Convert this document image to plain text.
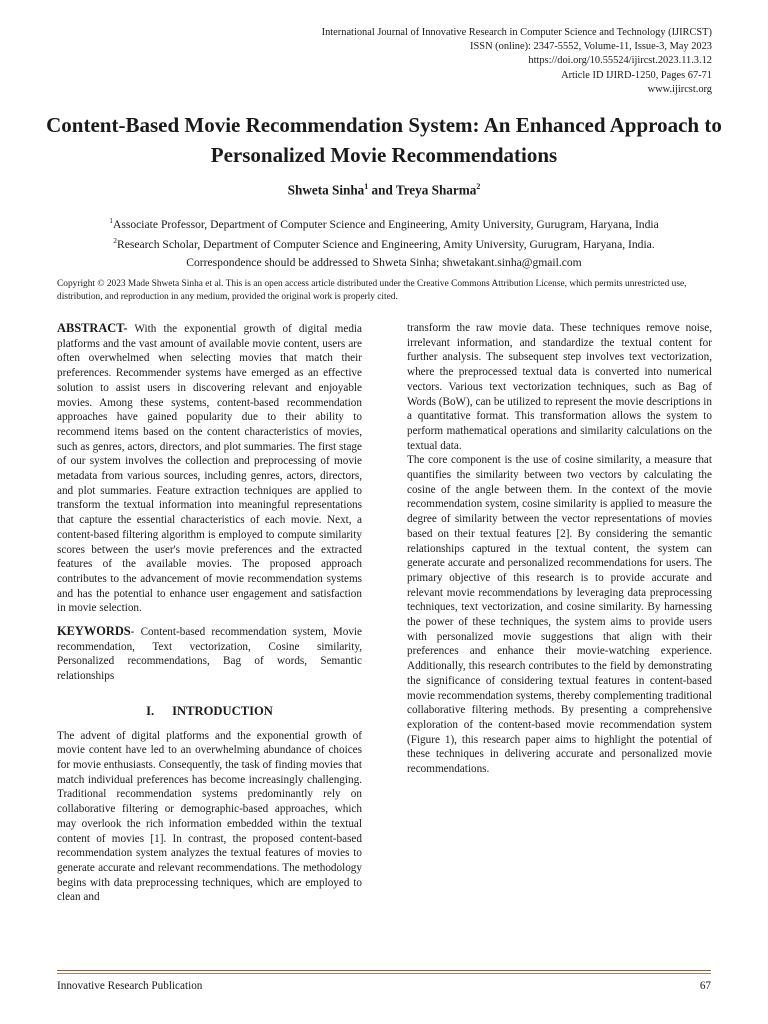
International Journal of Innovative Research in Computer Science and Technology (IJIRCST)
ISSN (online): 2347-5552, Volume-11, Issue-3, May 2023
https://doi.org/10.55524/ijircst.2023.11.3.12
Article ID IJIRD-1250, Pages 67-71
www.ijircst.org
Content-Based Movie Recommendation System: An Enhanced Approach to Personalized Movie Recommendations
Shweta Sinha$^1$ and Treya Sharma$^2$
$^1$Associate Professor, Department of Computer Science and Engineering, Amity University, Gurugram, Haryana, India
$^2$Research Scholar, Department of Computer Science and Engineering, Amity University, Gurugram, Haryana, India.
Correspondence should be addressed to Shweta Sinha; shwetakant.sinha@gmail.com
Copyright © 2023 Made Shweta Sinha et al. This is an open access article distributed under the Creative Commons Attribution License, which permits unrestricted use, distribution, and reproduction in any medium, provided the original work is properly cited.

ABSTRACT- With the exponential growth of digital media platforms and the vast amount of available movie content, users are often overwhelmed when selecting movies that match their preferences. Recommender systems have emerged as an effective solution to assist users in discovering relevant and enjoyable movies. Among these systems, content-based recommendation approaches have gained popularity due to their ability to recommend items based on the content characteristics of movies, such as genres, actors, directors, and plot summaries. The first stage of our system involves the collection and preprocessing of movie metadata from various sources, including genres, actors, directors, and plot summaries. Feature extraction techniques are applied to transform the textual information into meaningful representations that capture the essential characteristics of each movie. Next, a content-based filtering algorithm is employed to compute similarity scores between the user's movie preferences and the extracted features of the available movies. The proposed approach contributes to the advancement of movie recommendation systems and has the potential to enhance user engagement and satisfaction in movie selection.

KEYWORDS- Content-based recommendation system, Movie recommendation, Text vectorization, Cosine similarity, Personalized recommendations, Bag of words, Semantic relationships

I. INTRODUCTION

The advent of digital platforms and the exponential growth of movie content have led to an overwhelming abundance of choices for movie enthusiasts. Consequently, the task of finding movies that match individual preferences has become increasingly challenging. Traditional recommendation systems predominantly rely on collaborative filtering or demographic-based approaches, which may overlook the rich information embedded within the textual content of movies [1]. In contrast, the proposed content-based recommendation system analyzes the textual features of movies to generate accurate and relevant recommendations. The methodology begins with data preprocessing techniques, which are employed to clean and

transform the raw movie data. These techniques remove noise, irrelevant information, and standardize the textual content for further analysis. The subsequent step involves text vectorization, where the preprocessed textual data is converted into numerical vectors. Various text vectorization techniques, such as Bag of Words (BoW), can be utilized to represent the movie descriptions in a quantitative format. This transformation allows the system to perform mathematical operations and similarity calculations on the textual data.

The core component is the use of cosine similarity, a measure that quantifies the similarity between two vectors by calculating the cosine of the angle between them. In the context of the movie recommendation system, cosine similarity is applied to measure the degree of similarity between the vector representations of movies based on their textual features [2]. By considering the semantic relationships captured in the textual content, the system can generate accurate and personalized recommendations for users. The primary objective of this research is to provide accurate and relevant movie recommendations by leveraging data preprocessing techniques, text vectorization, and cosine similarity. By harnessing the power of these techniques, the system aims to provide users with personalized movie suggestions that align with their preferences and enhance their movie-watching experience. Additionally, this research contributes to the field by demonstrating the significance of considering textual features in content-based movie recommendation systems, thereby complementing traditional collaborative filtering methods. By presenting a comprehensive exploration of the content-based movie recommendation system (Figure 1), this research paper aims to highlight the potential of these techniques in delivering accurate and personalized movie recommendations.

Innovative Research Publication	67
